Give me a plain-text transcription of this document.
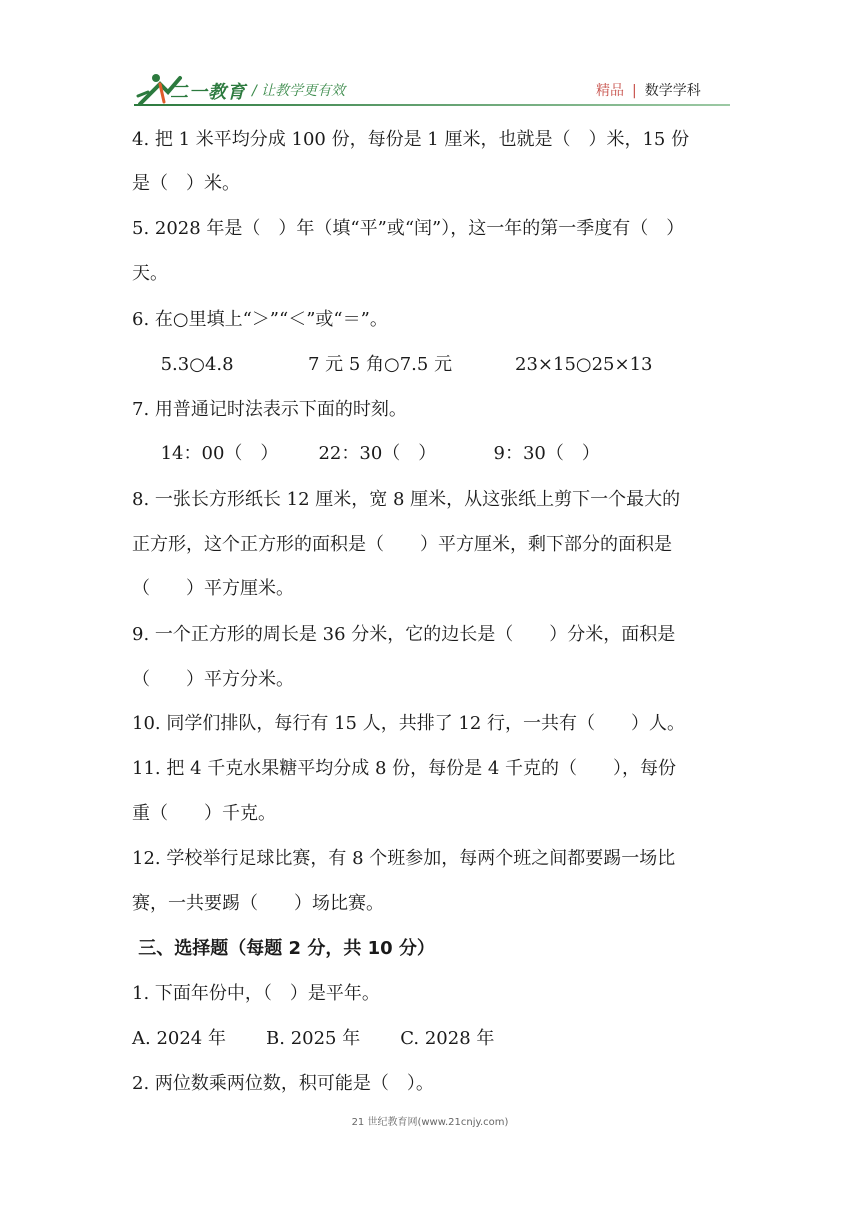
二一教育 / 让教学更有效	精品 | 数学学科
4. 把 1 米平均分成 100 份，每份是 1 厘米，也就是（　）米，15 份
是（　）米。
5. 2028 年是（　）年（填“平”或“闰”），这一年的第一季度有（　）
天。
6. 在○里填上“＞”“＜”或“＝”。
5.3○4.8             7 元 5 角○7.5 元           23×15○25×13
7. 用普通记时法表示下面的时刻。
14：00（　）       22：30（　）          9：30（　）
8. 一张长方形纸长 12 厘米，宽 8 厘米，从这张纸上剪下一个最大的
正方形，这个正方形的面积是（　　）平方厘米，剩下部分的面积是
（　　）平方厘米。
9. 一个正方形的周长是 36 分米，它的边长是（　　）分米，面积是
（　　）平方分米。
10. 同学们排队，每行有 15 人，共排了 12 行，一共有（　　）人。
11. 把 4 千克水果糖平均分成 8 份，每份是 4 千克的（　　），每份
重（　　）千克。
12. 学校举行足球比赛，有 8 个班参加，每两个班之间都要踢一场比
赛，一共要踢（　　）场比赛。
三、选择题（每题 2 分，共 10 分）
1. 下面年份中，（　）是平年。
A. 2024 年       B. 2025 年       C. 2028 年
2. 两位数乘两位数，积可能是（　）。
21 世纪教育网(www.21cnjy.com)
